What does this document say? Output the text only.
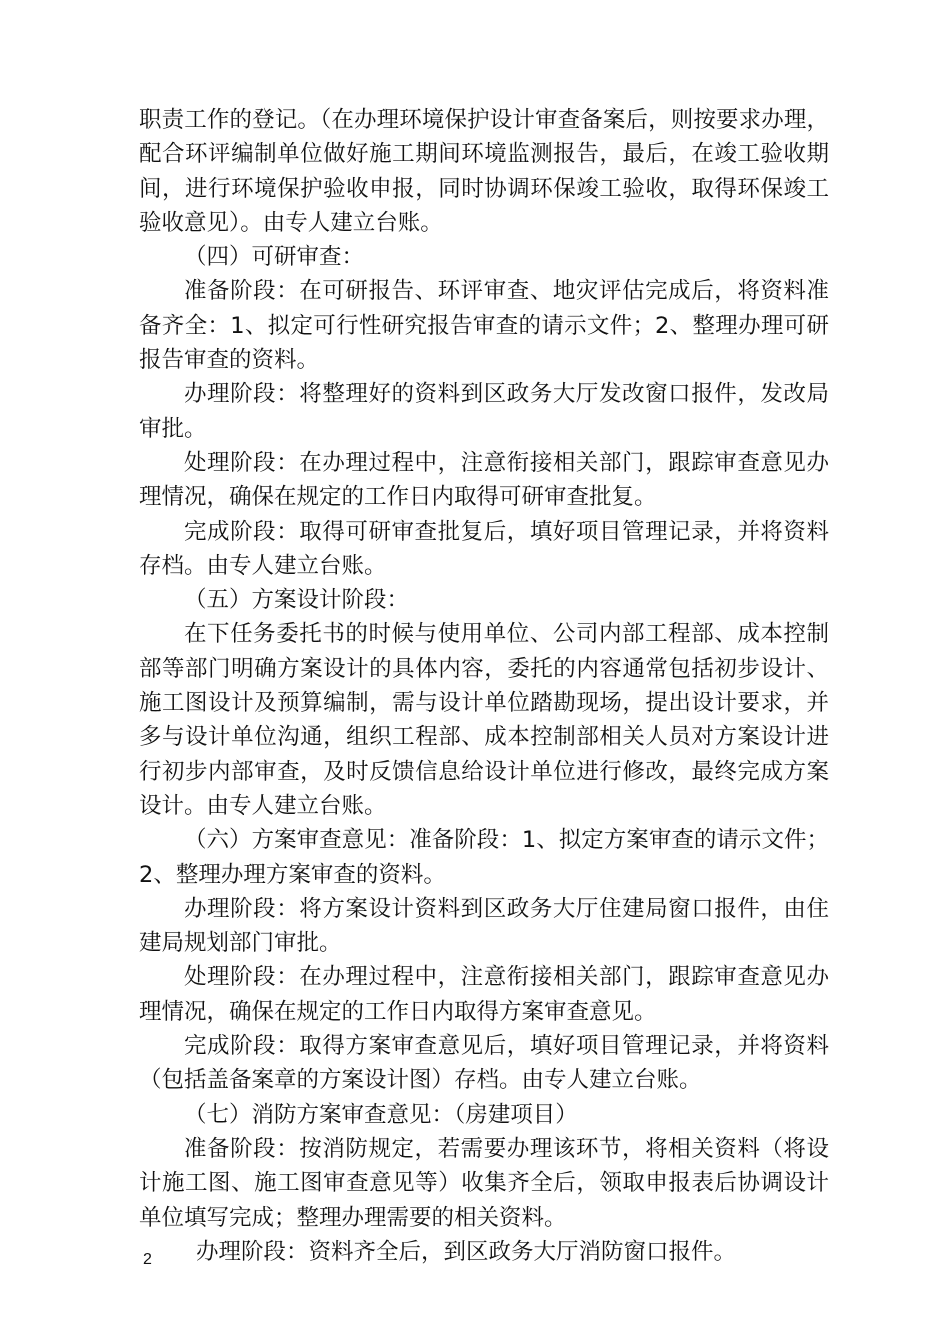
职责工作的登记。（在办理环境保护设计审查备案后，则按要求办理，配合环评编制单位做好施工期间环境监测报告，最后，在竣工验收期间，进行环境保护验收申报，同时协调环保竣工验收，取得环保竣工验收意见）。由专人建立台账。

（四）可研审查：

准备阶段：在可研报告、环评审查、地灾评估完成后，将资料准备齐全：1、拟定可行性研究报告审查的请示文件；2、整理办理可研报告审查的资料。

办理阶段：将整理好的资料到区政务大厅发改窗口报件，发改局审批。

处理阶段：在办理过程中，注意衔接相关部门，跟踪审查意见办理情况，确保在规定的工作日内取得可研审查批复。

完成阶段：取得可研审查批复后，填好项目管理记录，并将资料存档。由专人建立台账。

（五）方案设计阶段：

在下任务委托书的时候与使用单位、公司内部工程部、成本控制部等部门明确方案设计的具体内容，委托的内容通常包括初步设计、施工图设计及预算编制，需与设计单位踏勘现场，提出设计要求，并多与设计单位沟通，组织工程部、成本控制部相关人员对方案设计进行初步内部审查，及时反馈信息给设计单位进行修改，最终完成方案设计。由专人建立台账。

（六）方案审查意见：准备阶段：1、拟定方案审查的请示文件；2、整理办理方案审查的资料。

办理阶段：将方案设计资料到区政务大厅住建局窗口报件，由住建局规划部门审批。

处理阶段：在办理过程中，注意衔接相关部门，跟踪审查意见办理情况，确保在规定的工作日内取得方案审查意见。

完成阶段：取得方案审查意见后，填好项目管理记录，并将资料（包括盖备案章的方案设计图）存档。由专人建立台账。

（七）消防方案审查意见：（房建项目）

准备阶段：按消防规定，若需要办理该环节，将相关资料（将设计施工图、施工图审查意见等）收集齐全后，领取申报表后协调设计单位填写完成；整理办理需要的相关资料。

办理阶段：资料齐全后，到区政务大厅消防窗口报件。

2
